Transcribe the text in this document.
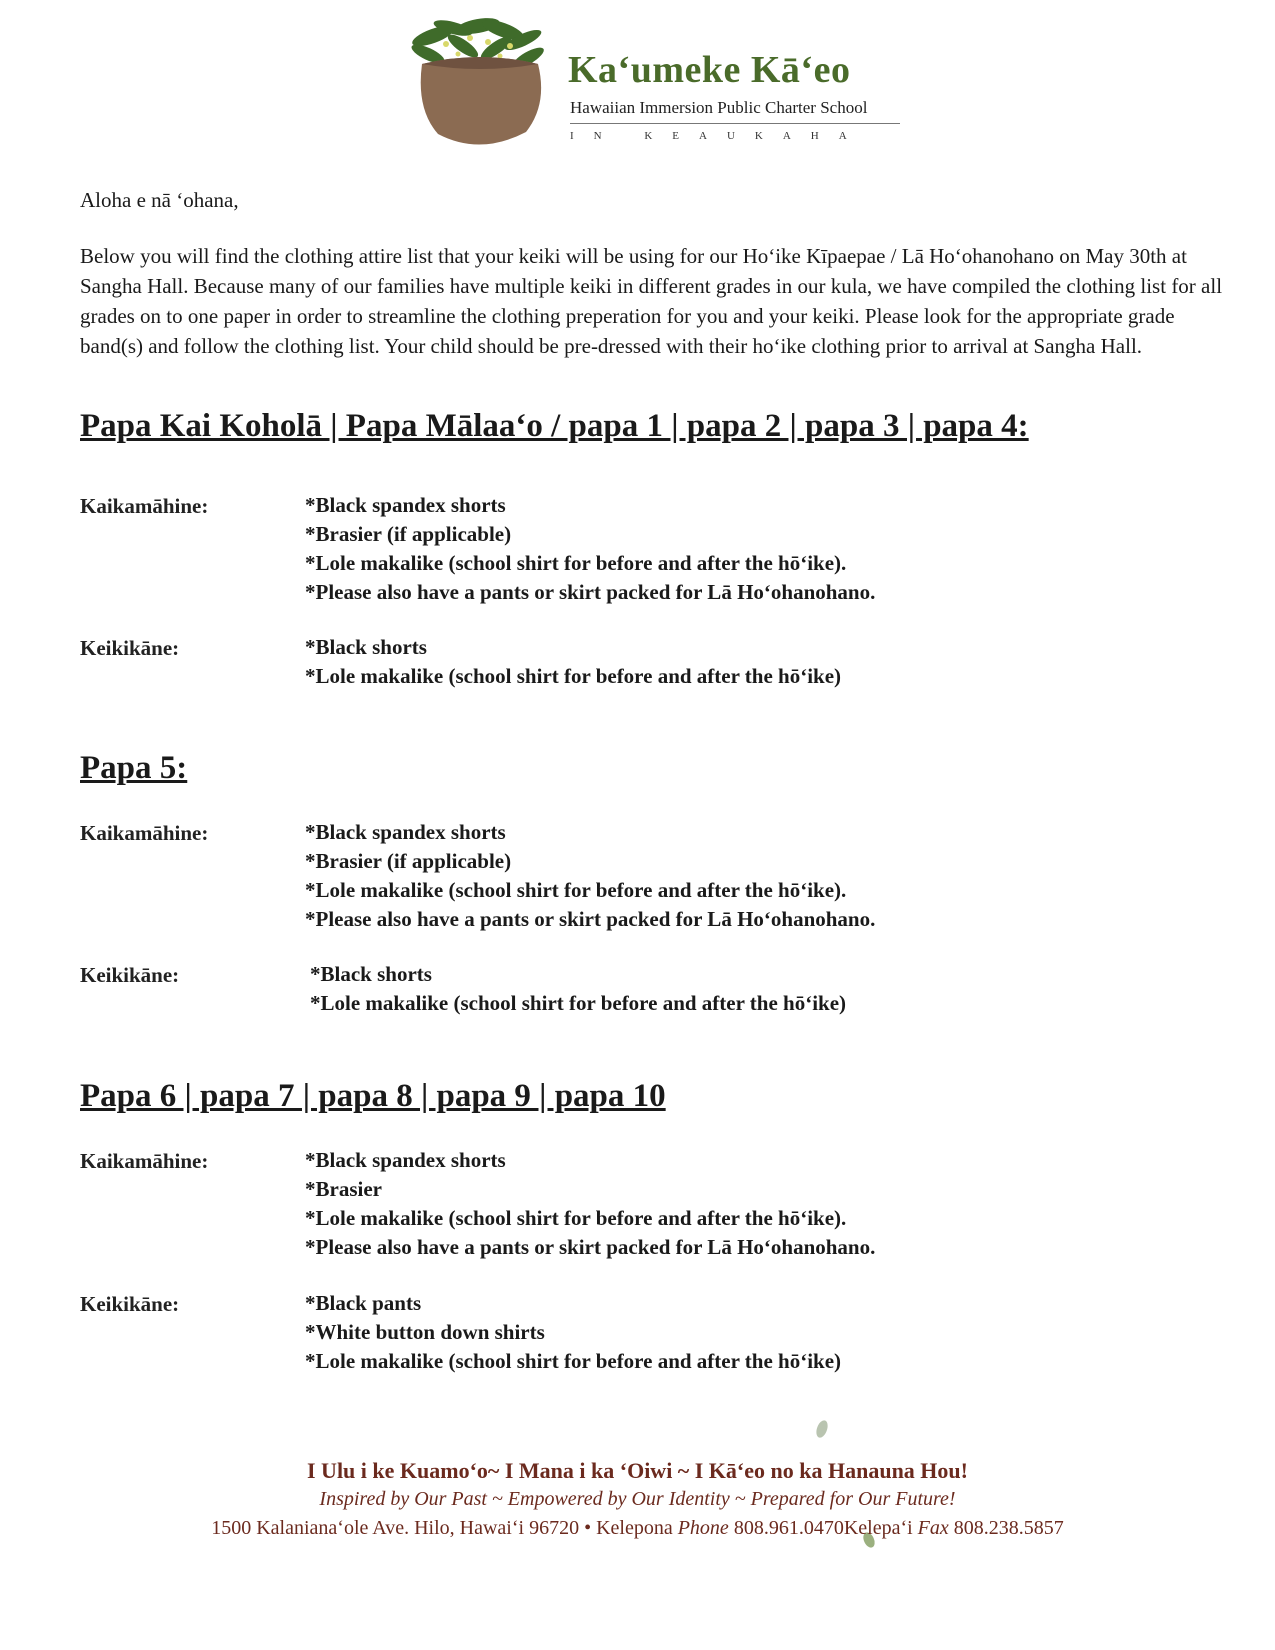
Kaʻumeke Kāʻeo
Hawaiian Immersion Public Charter School
IN KEAUKAHA
Aloha e nā ʻohana,
Below you will find the clothing attire list that your keiki will be using for our Hoʻike Kīpaepae / Lā Hoʻohanohano on May 30th at Sangha Hall. Because many of our families have multiple keiki in different grades in our kula, we have compiled the clothing list for all grades on to one paper in order to streamline the clothing preperation for you and your keiki. Please look for the appropriate grade band(s) and follow the clothing list. Your child should be pre-dressed with their hoʻike clothing prior to arrival at Sangha Hall.
Papa Kai Koholā | Papa Mālaaʻo / papa 1 | papa 2 | papa 3 | papa 4:
Kaikamāhine:	*Black spandex shorts
*Brasier (if applicable)
*Lole makalike (school shirt for before and after the hōʻike).
*Please also have a pants or skirt packed for Lā Hoʻohanohano.
Keikikāne:	*Black shorts
*Lole makalike (school shirt for before and after the hōʻike)
Papa 5:
Kaikamāhine:	*Black spandex shorts
*Brasier (if applicable)
*Lole makalike (school shirt for before and after the hōʻike).
*Please also have a pants or skirt packed for Lā Hoʻohanohano.
Keikikāne:	*Black shorts
*Lole makalike (school shirt for before and after the hōʻike)
Papa 6 | papa 7 | papa 8 | papa 9 | papa 10
Kaikamāhine:	*Black spandex shorts
*Brasier
*Lole makalike (school shirt for before and after the hōʻike).
*Please also have a pants or skirt packed for Lā Hoʻohanohano.
Keikikāne:	*Black pants
*White button down shirts
*Lole makalike (school shirt for before and after the hōʻike)
I Ulu i ke Kuamoʻo~ I Mana i ka ʻOiwi ~ I Kāʻeo no ka Hanauna Hou!
Inspired by Our Past ~ Empowered by Our Identity ~ Prepared for Our Future!
1500 Kalanianaʻole Ave. Hilo, Hawaiʻi 96720 • Kelepona Phone 808.961.0470Kelepaʻi Fax 808.238.5857
